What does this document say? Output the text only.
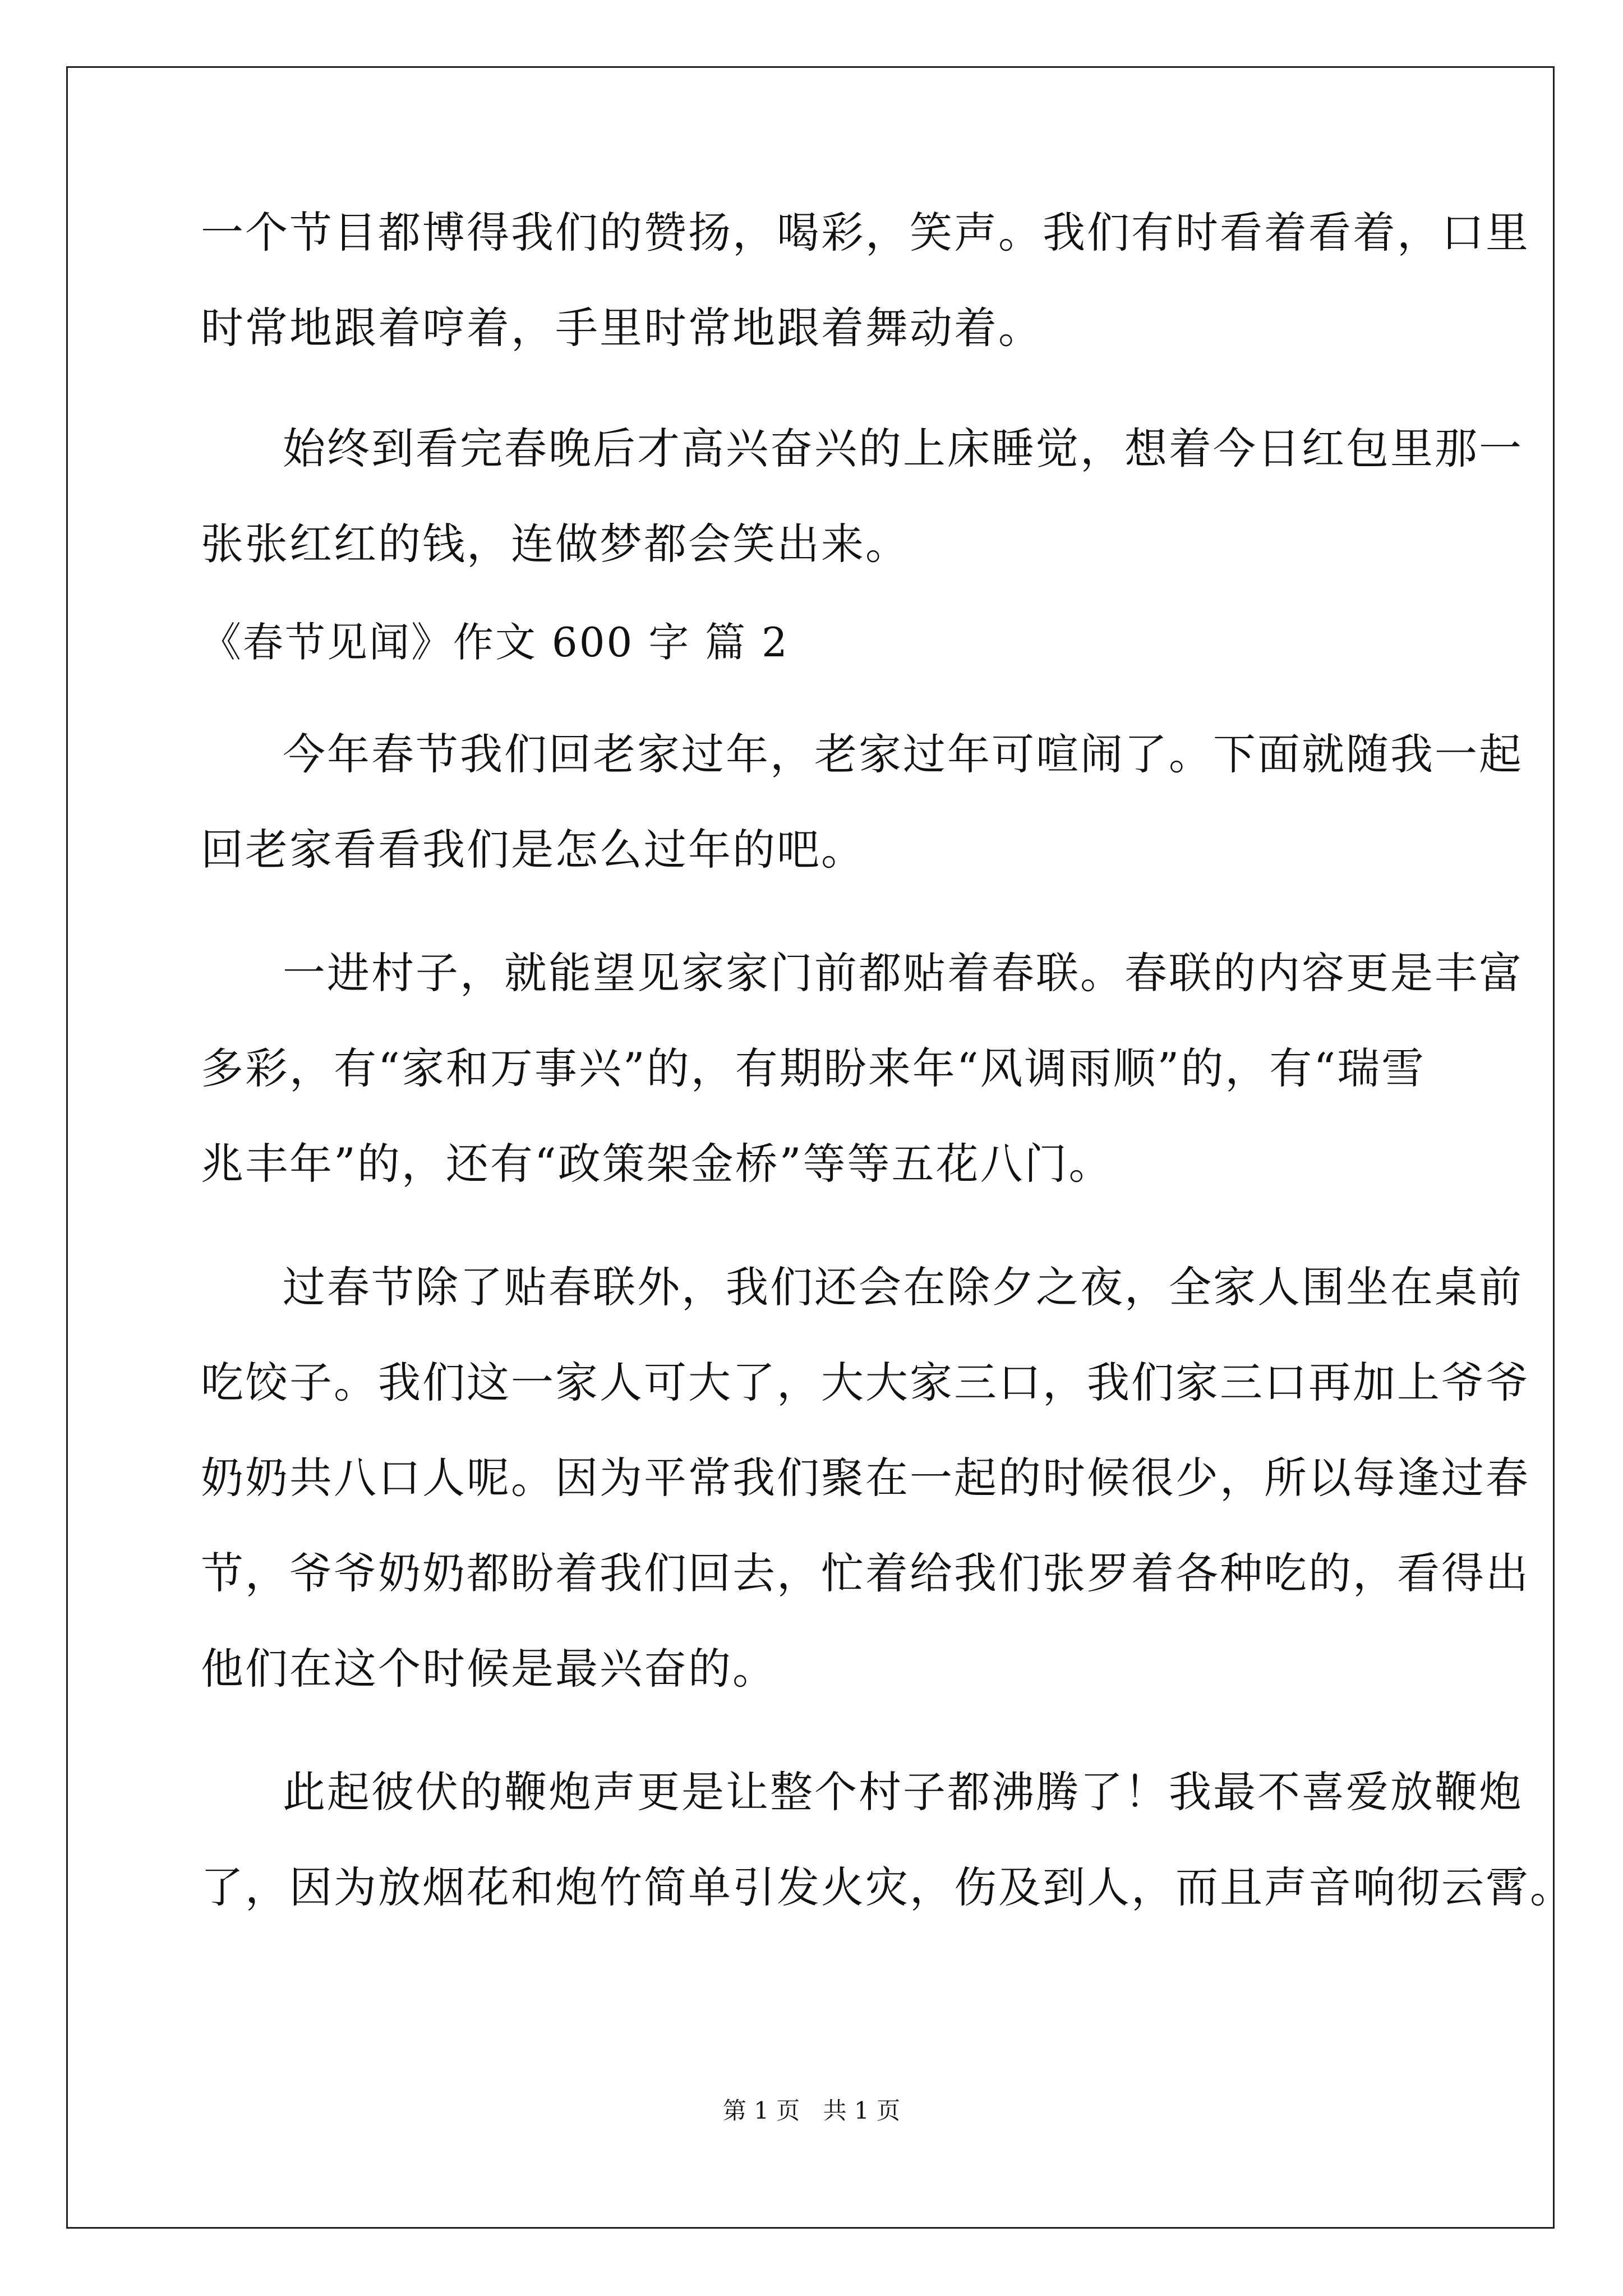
一个节目都博得我们的赞扬，喝彩，笑声。我们有时看着看着，口里
时常地跟着哼着，手里时常地跟着舞动着。
始终到看完春晚后才高兴奋兴的上床睡觉，想着今日红包里那一
张张红红的钱，连做梦都会笑出来。
《春节见闻》作文 600 字 篇 2
今年春节我们回老家过年，老家过年可喧闹了。下面就随我一起
回老家看看我们是怎么过年的吧。
一进村子，就能望见家家门前都贴着春联。春联的内容更是丰富
多彩，有“家和万事兴”的，有期盼来年“风调雨顺”的，有“瑞雪
兆丰年”的，还有“政策架金桥”等等五花八门。
过春节除了贴春联外，我们还会在除夕之夜，全家人围坐在桌前
吃饺子。我们这一家人可大了，大大家三口，我们家三口再加上爷爷
奶奶共八口人呢。因为平常我们聚在一起的时候很少，所以每逢过春
节，爷爷奶奶都盼着我们回去，忙着给我们张罗着各种吃的，看得出
他们在这个时候是最兴奋的。
此起彼伏的鞭炮声更是让整个村子都沸腾了！我最不喜爱放鞭炮
了，因为放烟花和炮竹简单引发火灾，伤及到人，而且声音响彻云霄。
第 1 页 共 1 页
